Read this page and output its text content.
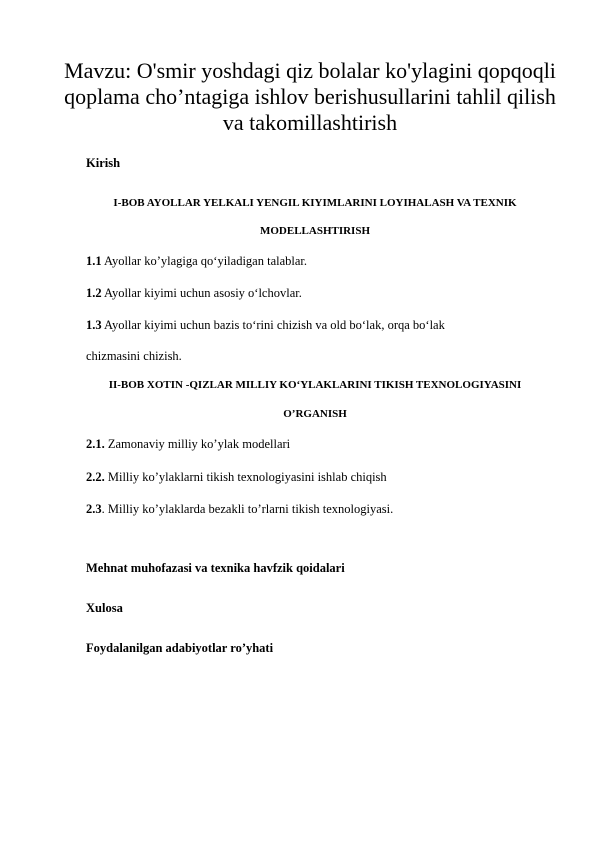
Mavzu: O'smir yoshdagi qiz bolalar ko'ylagini qopqoqli qoplama cho’ntagiga ishlov berishusullarini tahlil qilish va takomillashtirish

Kirish

I-BOB AYOLLAR YELKALI YENGIL KIYIMLARINI LOYIHALASH VA TEXNIK

MODELLASHTIRISH

1.1 Ayollar ko’ylagiga qo‘yiladigan talablar.

1.2 Ayollar kiyimi uchun asosiy o‘lchovlar.

1.3 Ayollar kiyimi uchun bazis to‘rini chizish va old bo‘lak, orqa bo‘lak

chizmasini chizish.

II-BOB XOTIN -QIZLAR MILLIY KO‘YLAKLARINI TIKISH TEXNOLOGIYASINI

O’RGANISH

2.1. Zamonaviy milliy ko’ylak modellari

2.2. Milliy ko’ylaklarni tikish texnologiyasini ishlab chiqish

2.3. Milliy ko’ylaklarda bezakli to’rlarni tikish texnologiyasi.

Mehnat muhofazasi va texnika havfzik qoidalari

Xulosa

Foydalanilgan adabiyotlar ro’yhati
